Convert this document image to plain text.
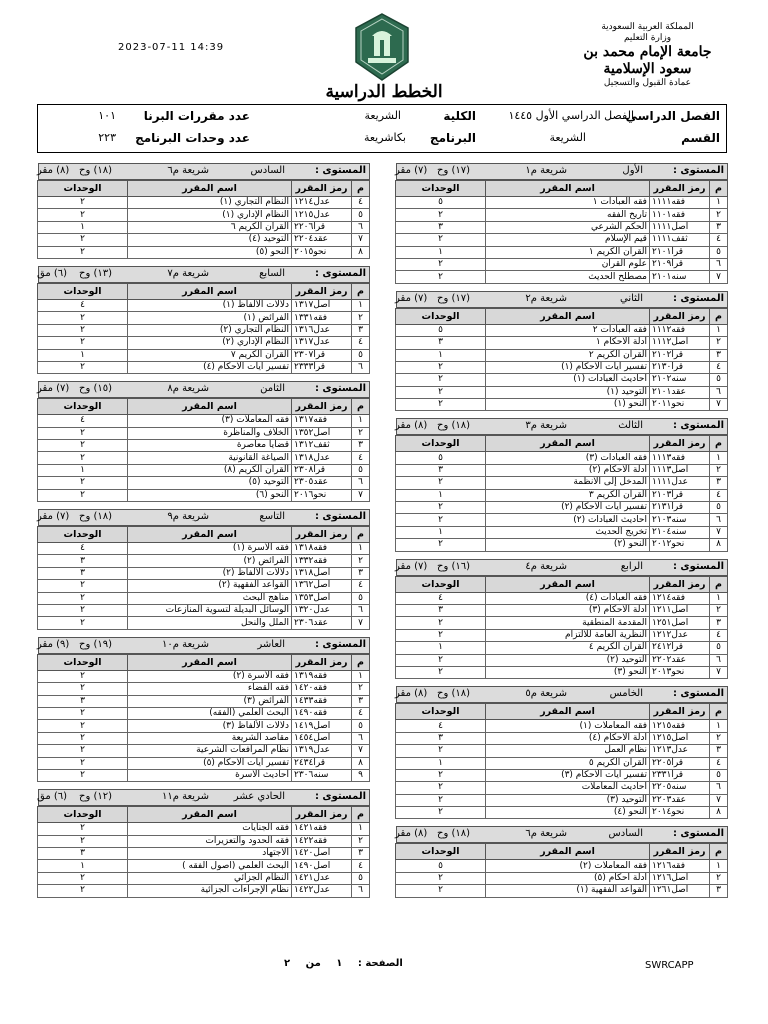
المملكة العربية السعودية
وزارة التعليم
جامعة الإمام محمد بن سعود الإسلامية
عمادة القبول والتسجيل
2023-07-11 14:39
الخطط الدراسية
الفصل الدراسي
الفصل الدراسي الأول ١٤٤٥
الكلية
الشريعة
عدد مقررات البرنا
١٠١
القسم
الشريعة
البرنامج
بكاشريعة
عدد وحدات البرنامج
٢٢٣
المستوى :
الأول
شريعة م١
(١٧) وح
(٧) مقر
م	رمز المقرر	اسم المقرر	الوحدات
١	فقه١١١١	فقه العبادات ١	٥
٢	فقه١١٠١	تاريخ الفقه	٢
٣	اصل١١١١	الحكم الشرعي	٣
٤	ثقف١١١١	قيم الإسلام	٢
٥	قرا٢١٠١	القران الكريم ١	١
٦	قرا٢١٠٩	علوم القران	٢
٧	سنه٢١٠١	مصطلح الحديث	٢
المستوى :
الثاني
شريعة م٢
(١٧) وح
(٧) مقر
م	رمز المقرر	اسم المقرر	الوحدات
١	فقه١١١٢	فقه العبادات ٢	٥
٢	اصل١١١٢	ادلة الأحكام ١	٣
٣	قرا٢١٠٢	القران الكريم ٢	١
٤	قرا٢١٣٠	تفسير ايات الأحكام (١)	٢
٥	سنه٢١٠٢	احاديث العبادات (١)	٢
٦	عقد٢١٠١	التوحيد (١)	٢
٧	نحو٢٠١١	النحو (١)	٢
المستوى :
الثالث
شريعة م٣
(١٨) وح
(٨) مقر
م	رمز المقرر	اسم المقرر	الوحدات
١	فقه١١١٣	فقه العبادات (٣)	٥
٢	اصل١١١٣	ادلة الأحكام (٢)	٣
٣	عدل١١١١	المدخل إلى الأنظمة	٢
٤	قرا٢١٠٣	القران الكريم ٣	١
٥	قرا٢١٣١	تفسير ايات الأحكام (٢)	٢
٦	سنه٢١٠٣	احاديث العبادات (٢)	٢
٧	سنه٢١٠٤	تخريج الحديث	١
٨	نحو٢٠١٢	النحو (٢)	٢
المستوى :
الرابع
شريعة م٤
(١٦) وح
(٧) مقر
م	رمز المقرر	اسم المقرر	الوحدات
١	فقه١٢١٤	فقه العبادات (٤)	٤
٢	اصل١٢١١	ادلة الأحكام (٣)	٣
٣	اصل١٢٥١	المقدمة المنطقية	٢
٤	عدل١٢١٢	النظرية العامة للالتزام	٢
٥	قرا٢٤١٢	القران الكريم ٤	١
٦	عقد٢٢٠٢	التوحيد (٢)	٢
٧	نحو٢٠١٣	النحو (٣)	٢
المستوى :
الخامس
شريعة م٥
(١٨) وح
(٨) مقر
م	رمز المقرر	اسم المقرر	الوحدات
١	فقه١٢١٥	فقه المعاملات (١)	٤
٢	اصل١٢١٥	ادلة الأحكام (٤)	٣
٣	عدل١٢١٣	نظام العمل	٢
٤	قرا٢٢٠٥	القران الكريم ٥	١
٥	قرا٢٣٣١	تفسير ايات الأحكام (٣)	٢
٦	سنه٢٢٠٥	احاديث المعاملات	٢
٧	عقد٢٢٠٣	التوحيد (٣)	٢
٨	نحو٢٠١٤	النحو (٤)	٢
المستوى :
السادس
شريعة م٦
(١٨) وح
(٨) مقر
م	رمز المقرر	اسم المقرر	الوحدات
١	فقه١٢١٦	فقه المعاملات (٢)	٥
٢	اصل١٢١٦	ادلة احكام (٥)	٢
٣	اصل١٢٦١	القواعد الفقهية (١)	٢
المستوى :
السادس
شريعة م٦
(١٨) وح
(٨) مقر
م	رمز المقرر	اسم المقرر	الوحدات
٤	عدل١٢١٤	النظام التجاري (١)	٢
٥	عدل١٢١٥	النظام الإداري (١)	٢
٦	قرا٢٢٠٦	القران الكريم ٦	١
٧	عقد٢٢٠٤	التوحيد (٤)	٢
٨	نحو٢٠١٥	النحو (٥)	٢
المستوى :
السابع
شريعة م٧
(١٣) وح
(٦) مق
م	رمز المقرر	اسم المقرر	الوحدات
١	اصل١٣١٧	دلالات الألفاظ (١)	٤
٢	فقه١٣٣١	الفرائض (١)	٢
٣	عدل١٣١٦	النظام التجاري (٢)	٢
٤	عدل١٣١٧	النظام الإداري (٢)	٢
٥	قرا٢٣٠٧	القران الكريم ٧	١
٦	قرا٢٣٣٣	تفسير ايات الأحكام (٤)	٢
المستوى :
الثامن
شريعة م٨
(١٥) وح
(٧) مقر
م	رمز المقرر	اسم المقرر	الوحدات
١	فقه١٣١٧	فقه المعاملات (٣)	٤
٢	اصل١٣٥٢	الخلاف والمناظرة	٢
٣	ثقف١٣١٢	قضايا معاصرة	٢
٤	عدل١٣١٨	الصياغة القانونية	٢
٥	قرا٢٣٠٨	القران الكريم (٨)	١
٦	عقد٢٣٠٥	التوحيد (٥)	٢
٧	نحو٢٠١٦	النحو (٦)	٢
المستوى :
التاسع
شريعة م٩
(١٨) وح
(٧) مقر
م	رمز المقرر	اسم المقرر	الوحدات
١	فقه١٣١٨	فقه الأسرة (١)	٤
٢	فقه١٣٣٢	الفرائض (٢)	٣
٣	اصل١٣١٨	دلالات الألفاظ (٢)	٣
٤	اصل١٣٦٢	القواعد الفقهية (٢)	٢
٥	اصل١٣٥٣	مناهج البحث	٢
٦	عدل١٣٢٠	الوسائل البديلة لتسوية المنازعات	٢
٧	عقد٢٣٠٦	الملل والنحل	٢
المستوى :
العاشر
شريعة م١٠
(١٩) وح
(٩) مقر
م	رمز المقرر	اسم المقرر	الوحدات
١	فقه١٣١٩	فقه الأسرة (٢)	٢
٢	فقه١٤٢٠	فقه القضاء	٢
٣	فقه١٤٣٣	الفرائض (٣)	٣
٤	فقه١٤٩٠	البحث العلمي (الفقه)	٢
٥	اصل١٤١٩	دلالات الألفاظ (٣)	٢
٦	اصل١٤٥٤	مقاصد الشريعة	٢
٧	عدل١٣١٩	نظام المرافعات الشرعية	٢
٨	قرا٢٤٣٤	تفسير ايات الأحكام (٥)	٢
٩	سنه٢٣٠٦	احاديث الأسرة	٢
المستوى :
الحادي عشر
شريعة م١١
(١٢) وح
(٦) مق
م	رمز المقرر	اسم المقرر	الوحدات
١	فقه١٤٢١	فقه الجنايات	٢
٢	فقه١٤٢٢	فقه الحدود والتعزيرات	٢
٣	اصل١٤٢٠	الاجتهاد	٣
٤	اصل١٤٩٠	البحث العلمي (اصول الفقه )	١
٥	عدل١٤٢١	النظام الجزائي	٢
٦	عدل١٤٢٢	نظام الإجراءات الجزائية	٢
الصفحة : ١ من ٢	SWRCAPP
